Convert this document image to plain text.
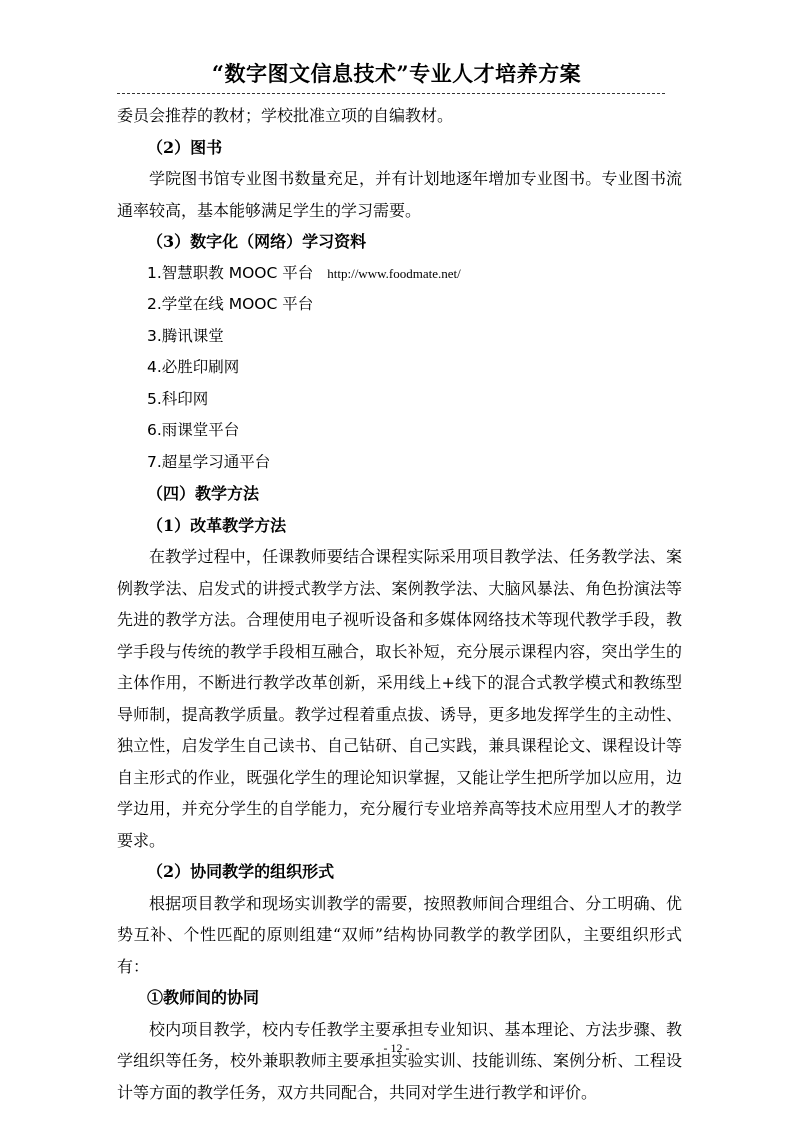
“数字图文信息技术”专业人才培养方案

委员会推荐的教材；学校批准立项的自编教材。

（2）图书

学院图书馆专业图书数量充足，并有计划地逐年增加专业图书。专业图书流通率较高，基本能够满足学生的学习需要。

（3）数字化（网络）学习资料

1.智慧职教 MOOC 平台 http://www.foodmate.net/

2.学堂在线 MOOC 平台

3.腾讯课堂

4.必胜印刷网

5.科印网

6.雨课堂平台

7.超星学习通平台

（四）教学方法

（1）改革教学方法

在教学过程中，任课教师要结合课程实际采用项目教学法、任务教学法、案例教学法、启发式的讲授式教学方法、案例教学法、大脑风暴法、角色扮演法等先进的教学方法。合理使用电子视听设备和多媒体网络技术等现代教学手段，教学手段与传统的教学手段相互融合，取长补短，充分展示课程内容，突出学生的主体作用，不断进行教学改革创新，采用线上+线下的混合式教学模式和教练型导师制，提高教学质量。教学过程着重点拔、诱导，更多地发挥学生的主动性、独立性，启发学生自己读书、自己钻研、自己实践，兼具课程论文、课程设计等自主形式的作业，既强化学生的理论知识掌握，又能让学生把所学加以应用，边学边用，并充分学生的自学能力，充分履行专业培养高等技术应用型人才的教学要求。

（2）协同教学的组织形式

根据项目教学和现场实训教学的需要，按照教师间合理组合、分工明确、优势互补、个性匹配的原则组建“双师”结构协同教学的教学团队，主要组织形式有：

①教师间的协同

校内项目教学，校内专任教学主要承担专业知识、基本理论、方法步骤、教学组织等任务，校外兼职教师主要承担实验实训、技能训练、案例分析、工程设计等方面的教学任务，双方共同配合，共同对学生进行教学和评价。

- 12 -
